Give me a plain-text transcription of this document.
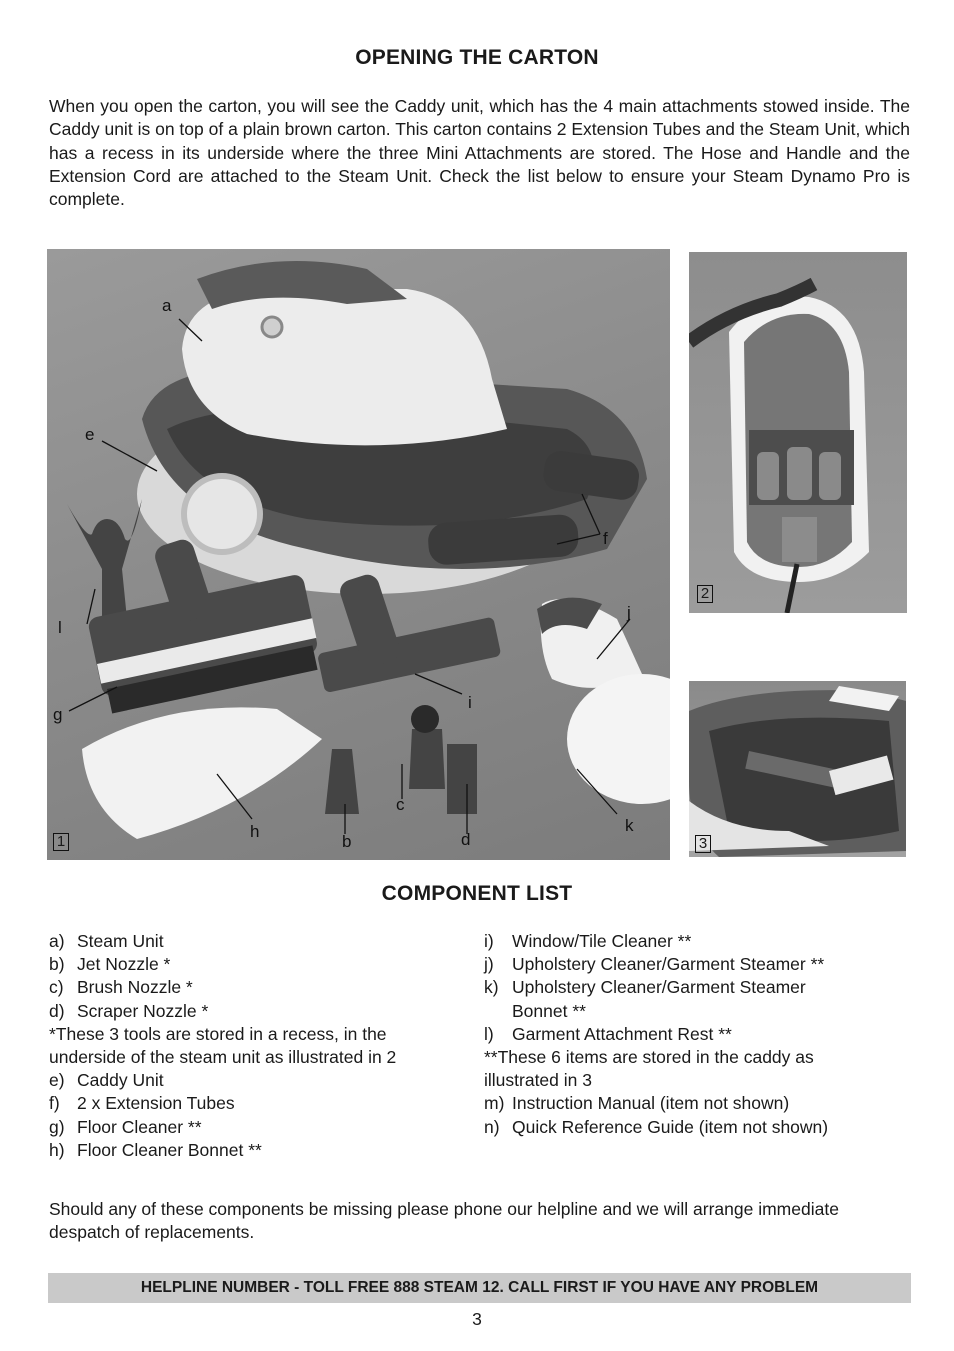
OPENING THE CARTON
When you open the carton, you will see the Caddy unit, which has the 4 main attachments stowed inside. The Caddy unit is on top of a plain brown carton. This carton contains 2 Extension Tubes and the Steam Unit, which has a recess in its underside where the three Mini Attachments are stored. The Hose and Handle and the Extension Cord are attached to the Steam Unit. Check the list below to ensure your Steam Dynamo Pro is complete.
a
e
f
j
l
g
i
c
k
h
b	d
1
2
3
COMPONENT LIST
a) Steam Unit
b) Jet Nozzle *
c) Brush Nozzle *
d) Scraper Nozzle *
*These 3 tools are stored in a recess, in the underside of the steam unit as illustrated in 2
e) Caddy Unit
f) 2 x Extension Tubes
g) Floor Cleaner **
h) Floor Cleaner Bonnet **
i)	Window/Tile Cleaner **
j)	Upholstery Cleaner/Garment Steamer **
k) Upholstery Cleaner/Garment Steamer Bonnet **
l)	Garment Attachment Rest **
**These 6 items are stored in the caddy as illustrated in 3
m) Instruction Manual (item not shown)
n) Quick Reference Guide (item not shown)
Should any of these components be missing please phone our helpline and we will arrange immediate despatch of replacements.
HELPLINE NUMBER - TOLL FREE 888 STEAM 12. CALL FIRST IF YOU HAVE ANY PROBLEM
3
